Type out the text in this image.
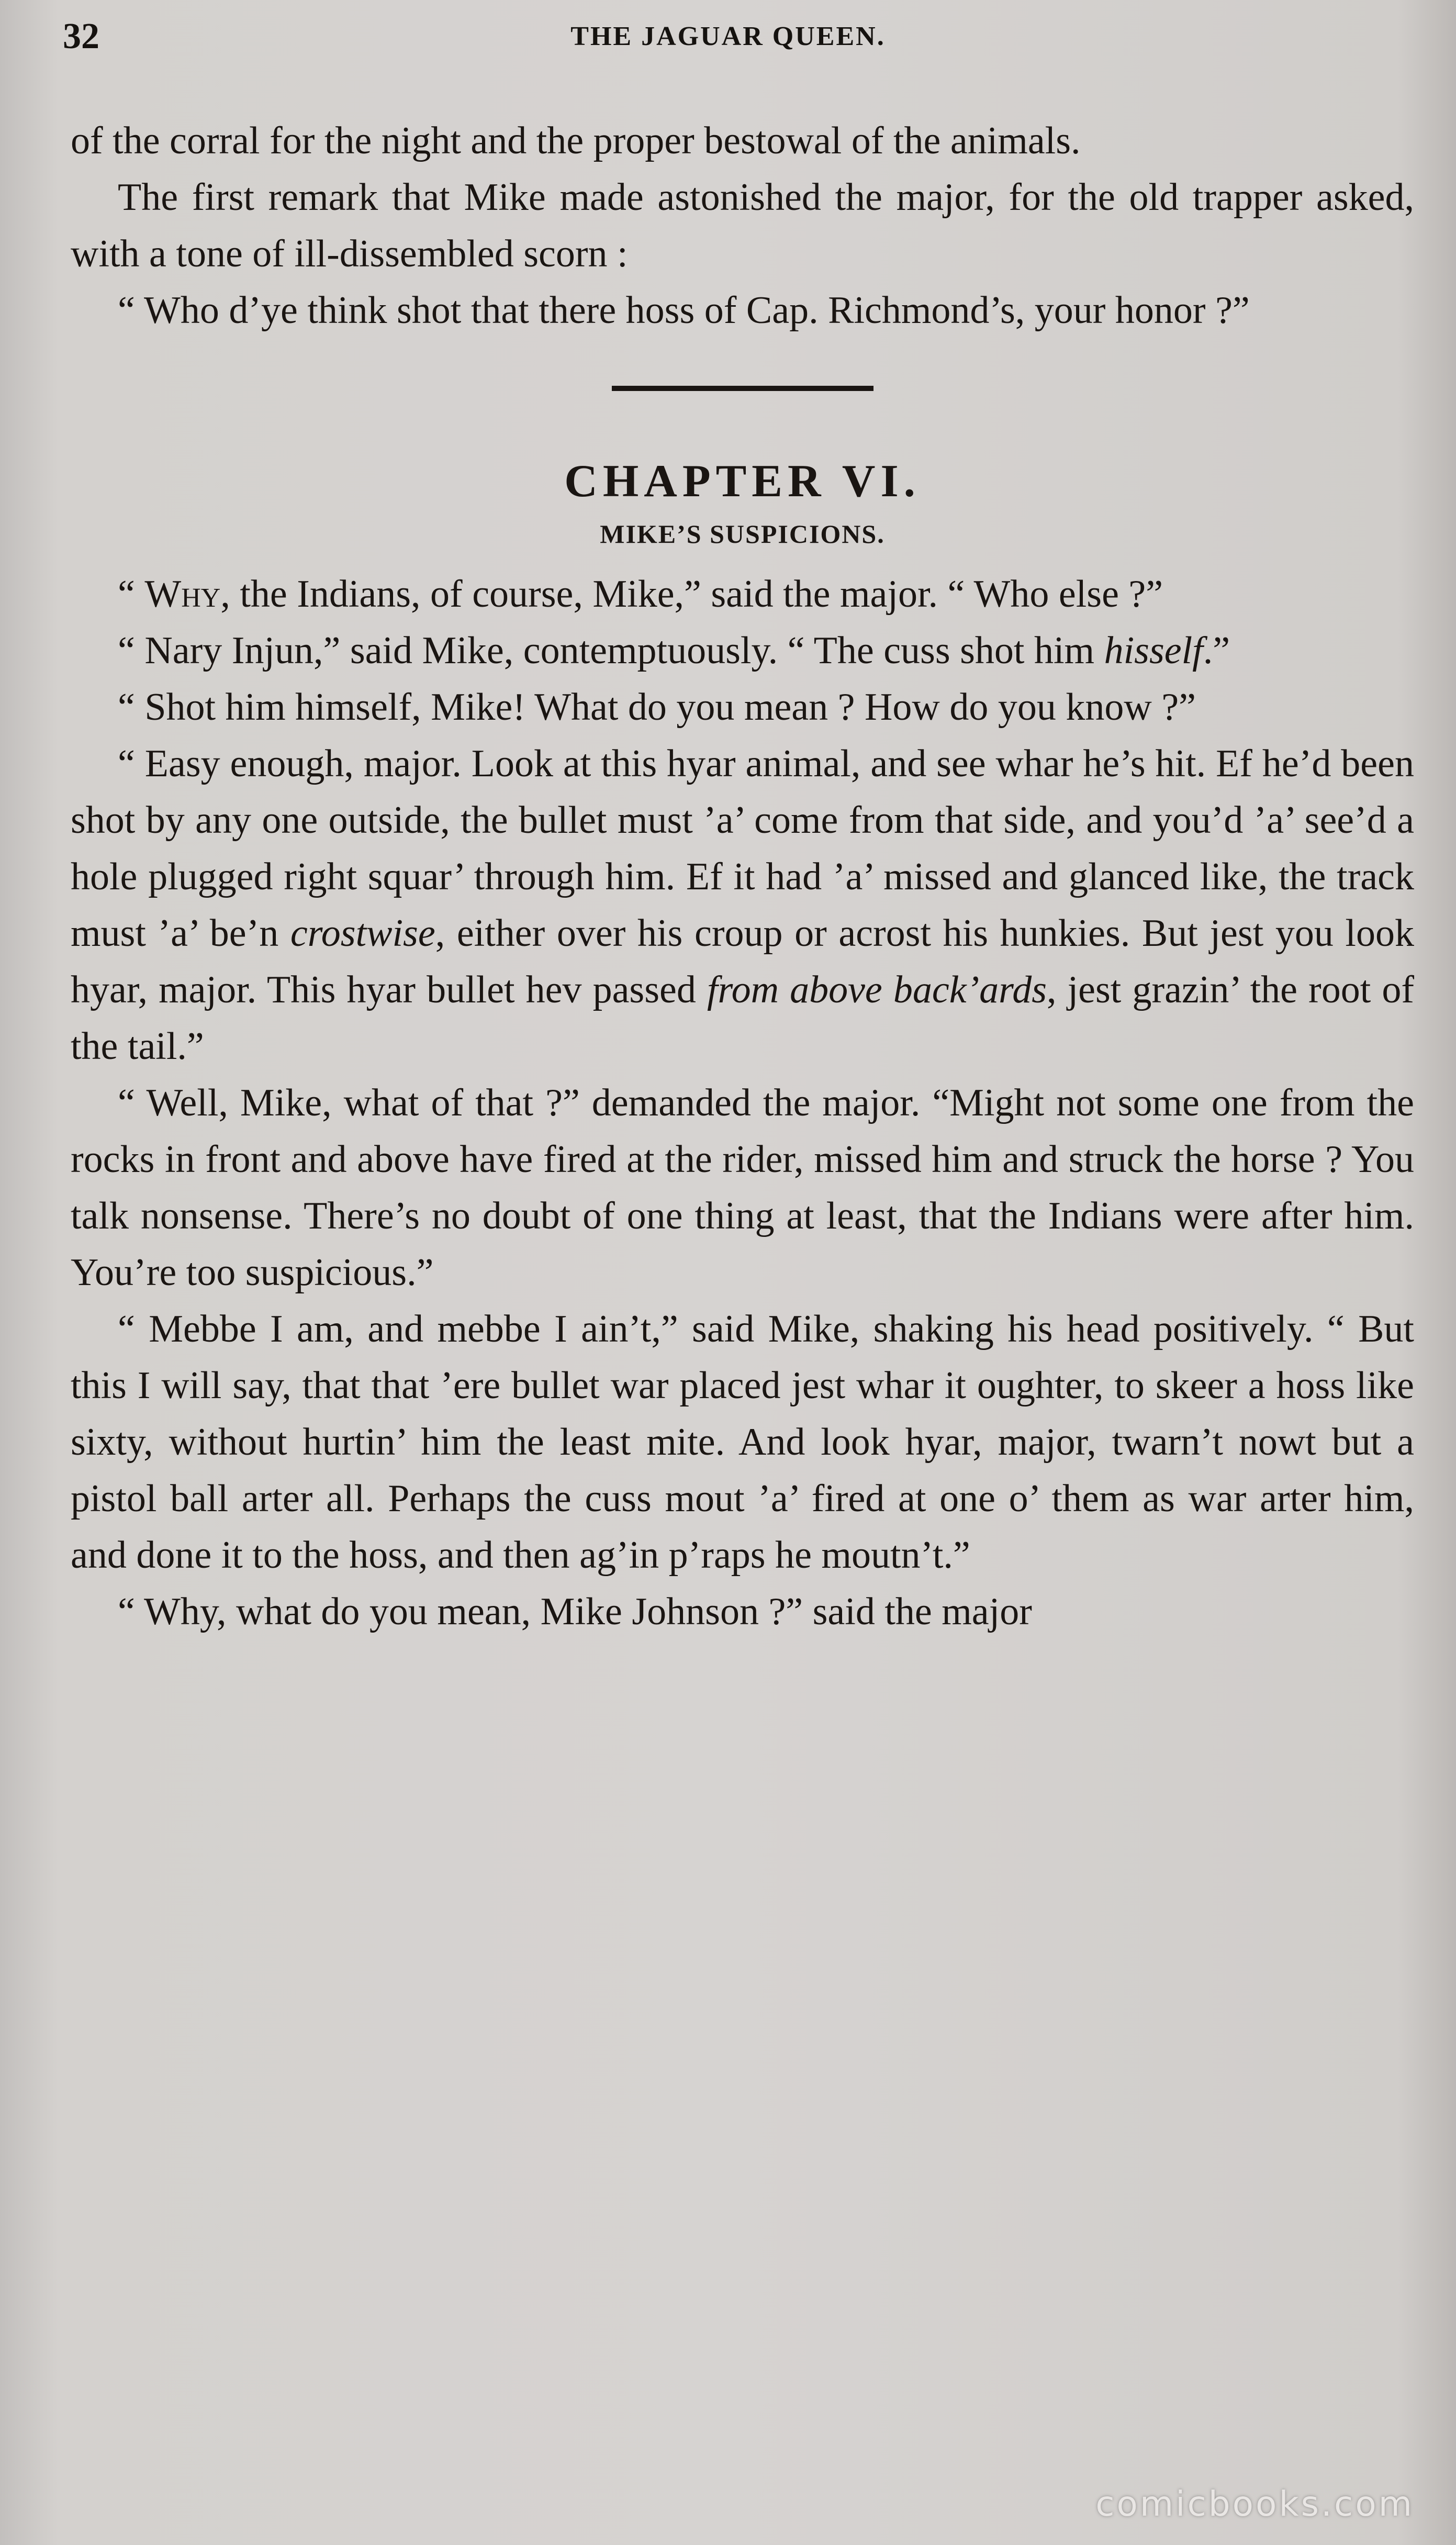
32	THE JAGUAR QUEEN.

of the corral for the night and the proper bestowal of the animals.

The first remark that Mike made astonished the major, for the old trapper asked, with a tone of ill-dissembled scorn :

“ Who d’ye think shot that there hoss of Cap. Richmond’s, your honor ?”

CHAPTER VI.
MIKE’S SUSPICIONS.

“ Why, the Indians, of course, Mike,” said the major. “ Who else ?”

“ Nary Injun,” said Mike, contemptuously. “ The cuss shot him hisself.”

“ Shot him himself, Mike! What do you mean ? How do you know ?”

“ Easy enough, major. Look at this hyar animal, and see whar he’s hit. Ef he’d been shot by any one outside, the bullet must ’a’ come from that side, and you’d ’a’ see’d a hole plugged right squar’ through him. Ef it had ’a’ missed and glanced like, the track must ’a’ be’n crostwise, either over his croup or acrost his hunkies. But jest you look hyar, major. This hyar bullet hev passed from above back’ards, jest grazin’ the root of the tail.”

“ Well, Mike, what of that ?” demanded the major. “Might not some one from the rocks in front and above have fired at the rider, missed him and struck the horse ? You talk nonsense. There’s no doubt of one thing at least, that the Indians were after him. You’re too suspicious.”

“ Mebbe I am, and mebbe I ain’t,” said Mike, shaking his head positively. “ But this I will say, that that ’ere bullet war placed jest whar it oughter, to skeer a hoss like sixty, without hurtin’ him the least mite. And look hyar, major, twarn’t nowt but a pistol ball arter all. Perhaps the cuss mout ’a’ fired at one o’ them as war arter him, and done it to the hoss, and then ag’in p’raps he moutn’t.”

“ Why, what do you mean, Mike Johnson ?” said the major

comicbooks.com
